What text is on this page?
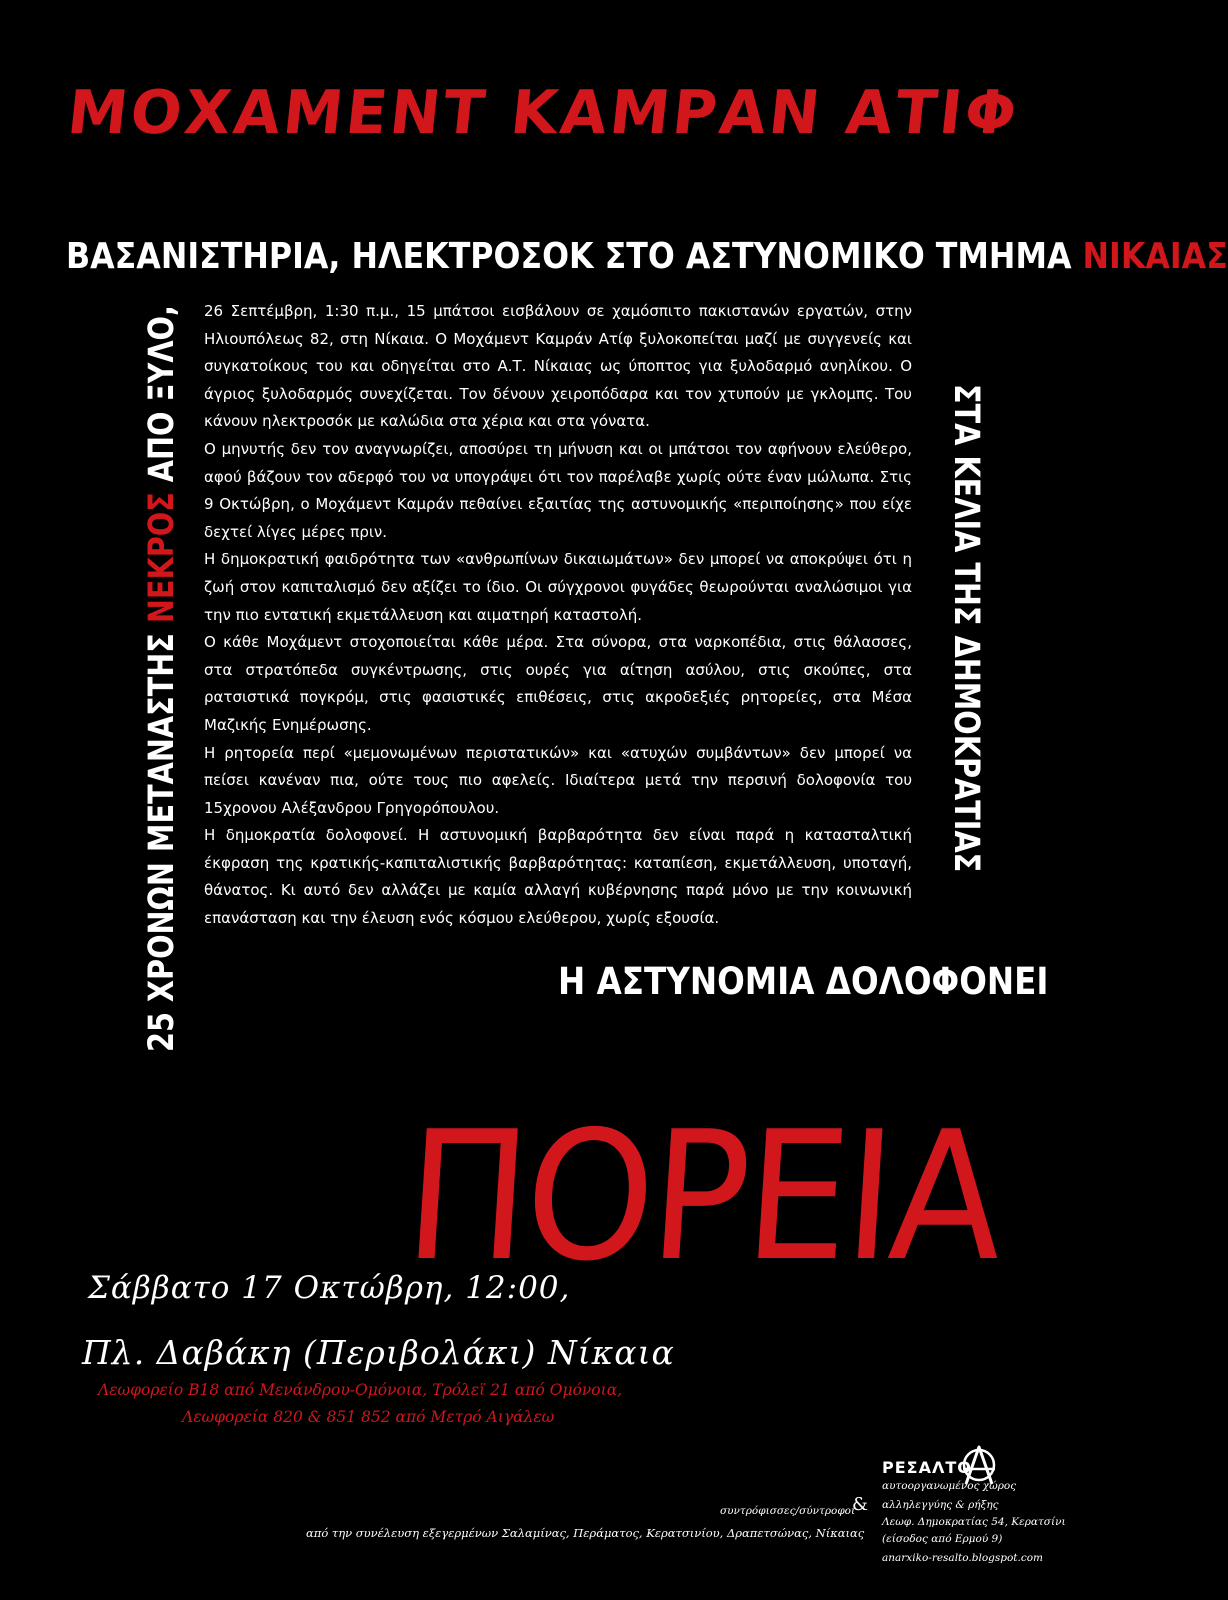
ΜΟΧΑΜΕΝΤ ΚΑΜΡΑΝ ΑΤΙΦ
ΒΑΣΑΝΙΣΤΗΡΙΑ, ΗΛΕΚΤΡΟΣΟΚ ΣΤΟ ΑΣΤΥΝΟΜΙΚΟ ΤΜΗΜΑ ΝΙΚΑΙΑΣ
25 ΧΡΟΝΩΝ ΜΕΤΑΝΑΣΤΗΣ ΝΕΚΡΟΣ ΑΠΟ ΞΥΛΟ,	ΣΤΑ ΚΕΛΙΑ ΤΗΣ ΔΗΜΟΚΡΑΤΙΑΣ

26 Σεπτέμβρη, 1:30 π.μ., 15 μπάτσοι εισβάλουν σε χαμόσπιτο πακιστανών εργατών, στην Ηλιουπόλεως 82, στη Νίκαια. Ο Μοχάμεντ Καμράν Ατίφ ξυλοκοπείται μαζί με συγγενείς και συγκατοίκους του και οδηγείται στο Α.Τ. Νίκαιας ως ύποπτος για ξυλοδαρμό ανηλίκου. Ο άγριος ξυλοδαρμός συνεχίζεται. Τον δένουν χειροπόδαρα και τον χτυπούν με γκλομπς. Του κάνουν ηλεκτροσόκ με καλώδια στα χέρια και στα γόνατα.

Ο μηνυτής δεν τον αναγνωρίζει, αποσύρει τη μήνυση και οι μπάτσοι τον αφήνουν ελεύθερο, αφού βάζουν τον αδερφό του να υπογράψει ότι τον παρέλαβε χωρίς ούτε έναν μώλωπα. Στις 9 Οκτώβρη, ο Μοχάμεντ Καμράν πεθαίνει εξαιτίας της αστυνομικής «περιποίησης» που είχε δεχτεί λίγες μέρες πριν.

Η δημοκρατική φαιδρότητα των «ανθρωπίνων δικαιωμάτων» δεν μπορεί να αποκρύψει ότι η ζωή στον καπιταλισμό δεν αξίζει το ίδιο. Οι σύγχρονοι φυγάδες θεωρούνται αναλώσιμοι για την πιο εντατική εκμετάλλευση και αιματηρή καταστολή.

Ο κάθε Μοχάμεντ στοχοποιείται κάθε μέρα. Στα σύνορα, στα ναρκοπέδια, στις θάλασσες, στα στρατόπεδα συγκέντρωσης, στις ουρές για αίτηση ασύλου, στις σκούπες, στα ρατσιστικά πογκρόμ, στις φασιστικές επιθέσεις, στις ακροδεξιές ρητορείες, στα Μέσα Μαζικής Ενημέρωσης.

Η ρητορεία περί «μεμονωμένων περιστατικών» και «ατυχών συμβάντων» δεν μπορεί να πείσει κανέναν πια, ούτε τους πιο αφελείς. Ιδιαίτερα μετά την περσινή δολοφονία του 15χρονου Αλέξανδρου Γρηγορόπουλου.

Η δημοκρατία δολοφονεί. Η αστυνομική βαρβαρότητα δεν είναι παρά η κατασταλτική έκφραση της κρατικής-καπιταλιστικής βαρβαρότητας: καταπίεση, εκμετάλλευση, υποταγή, θάνατος. Κι αυτό δεν αλλάζει με καμία αλλαγή κυβέρνησης παρά μόνο με την κοινωνική επανάσταση και την έλευση ενός κόσμου ελεύθερου, χωρίς εξουσία.

Η ΑΣΤΥΝΟΜΙΑ ΔΟΛΟΦΟΝΕΙ
ΠΟΡΕΙΑ
Σάββατο 17 Οκτώβρη, 12:00,
Πλ. Δαβάκη (Περιβολάκι) Νίκαια
Λεωφορείο Β18 από Μενάνδρου-Ομόνοια, Τρόλεϊ 21 από Ομόνοια,
Λεωφορεία 820 & 851 852 από Μετρό Αιγάλεω
συντρόφισσες/σύντροφοι
από την συνέλευση εξεγερμένων Σαλαμίνας, Περάματος, Κερατσινίου, Δραπετσώνας, Νίκαιας
&
ΡΕΣΑΛΤΟ
αυτοοργανωμένος χώρος
αλληλεγγύης & ρήξης
Λεωφ. Δημοκρατίας 54, Κερατσίνι
(είσοδος από Ερμού 9)
anarxiko-resalto.blogspot.com
